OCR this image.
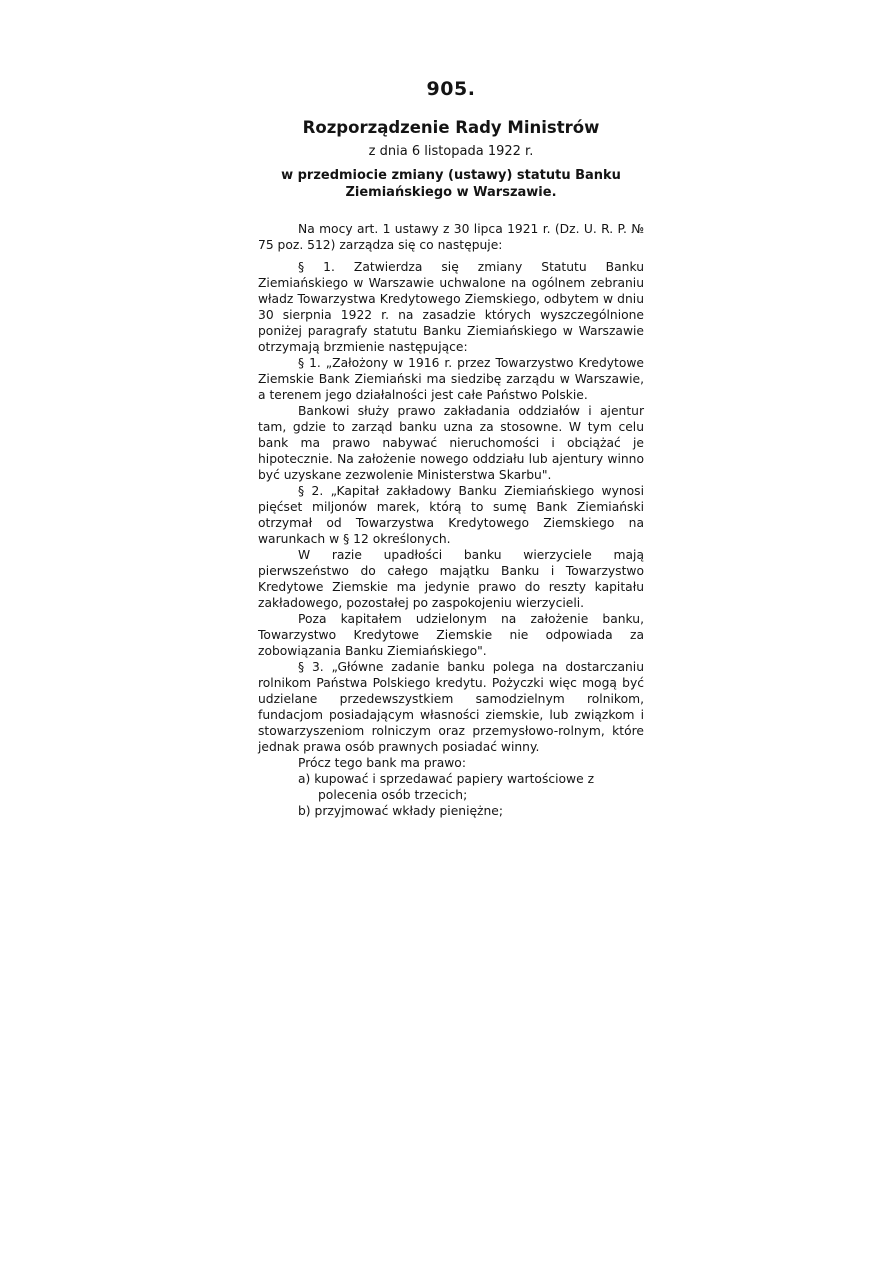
905.
Rozporządzenie Rady Ministrów
z dnia 6 listopada 1922 r.
w przedmiocie zmiany (ustawy) statutu Banku Ziemiańskiego w Warszawie.

Na mocy art. 1 ustawy z 30 lipca 1921 r. (Dz. U. R. P. № 75 poz. 512) zarządza się co następuje:

§ 1. Zatwierdza się zmiany Statutu Banku Ziemiańskiego w Warszawie uchwalone na ogólnem zebraniu władz Towarzystwa Kredytowego Ziemskiego, odbytem w dniu 30 sierpnia 1922 r. na zasadzie których wyszczególnione poniżej paragrafy statutu Banku Ziemiańskiego w Warszawie otrzymają brzmienie następujące:

§ 1. „Założony w 1916 r. przez Towarzystwo Kredytowe Ziemskie Bank Ziemiański ma siedzibę zarządu w Warszawie, a terenem jego działalności jest całe Państwo Polskie.

Bankowi służy prawo zakładania oddziałów i ajentur tam, gdzie to zarząd banku uzna za stosowne. W tym celu bank ma prawo nabywać nieruchomości i obciążać je hipotecznie. Na założenie nowego oddziału lub ajentury winno być uzyskane zezwolenie Ministerstwa Skarbu".

§ 2. „Kapitał zakładowy Banku Ziemiańskiego wynosi pięćset miljonów marek, którą to sumę Bank Ziemiański otrzymał od Towarzystwa Kredytowego Ziemskiego na warunkach w § 12 określonych.

W razie upadłości banku wierzyciele mają pierwszeństwo do całego majątku Banku i Towarzystwo Kredytowe Ziemskie ma jedynie prawo do reszty kapitału zakładowego, pozostałej po zaspokojeniu wierzycieli.

Poza kapitałem udzielonym na założenie banku, Towarzystwo Kredytowe Ziemskie nie odpowiada za zobowiązania Banku Ziemiańskiego".

§ 3. „Główne zadanie banku polega na dostarczaniu rolnikom Państwa Polskiego kredytu. Pożyczki więc mogą być udzielane przedewszystkiem samodzielnym rolnikom, fundacjom posiadającym własności ziemskie, lub związkom i stowarzyszeniom rolniczym oraz przemysłowo-rolnym, które jednak prawa osób prawnych posiadać winny.

Prócz tego bank ma prawo:

a) kupować i sprzedawać papiery wartościowe z polecenia osób trzecich;

b) przyjmować wkłady pieniężne;
